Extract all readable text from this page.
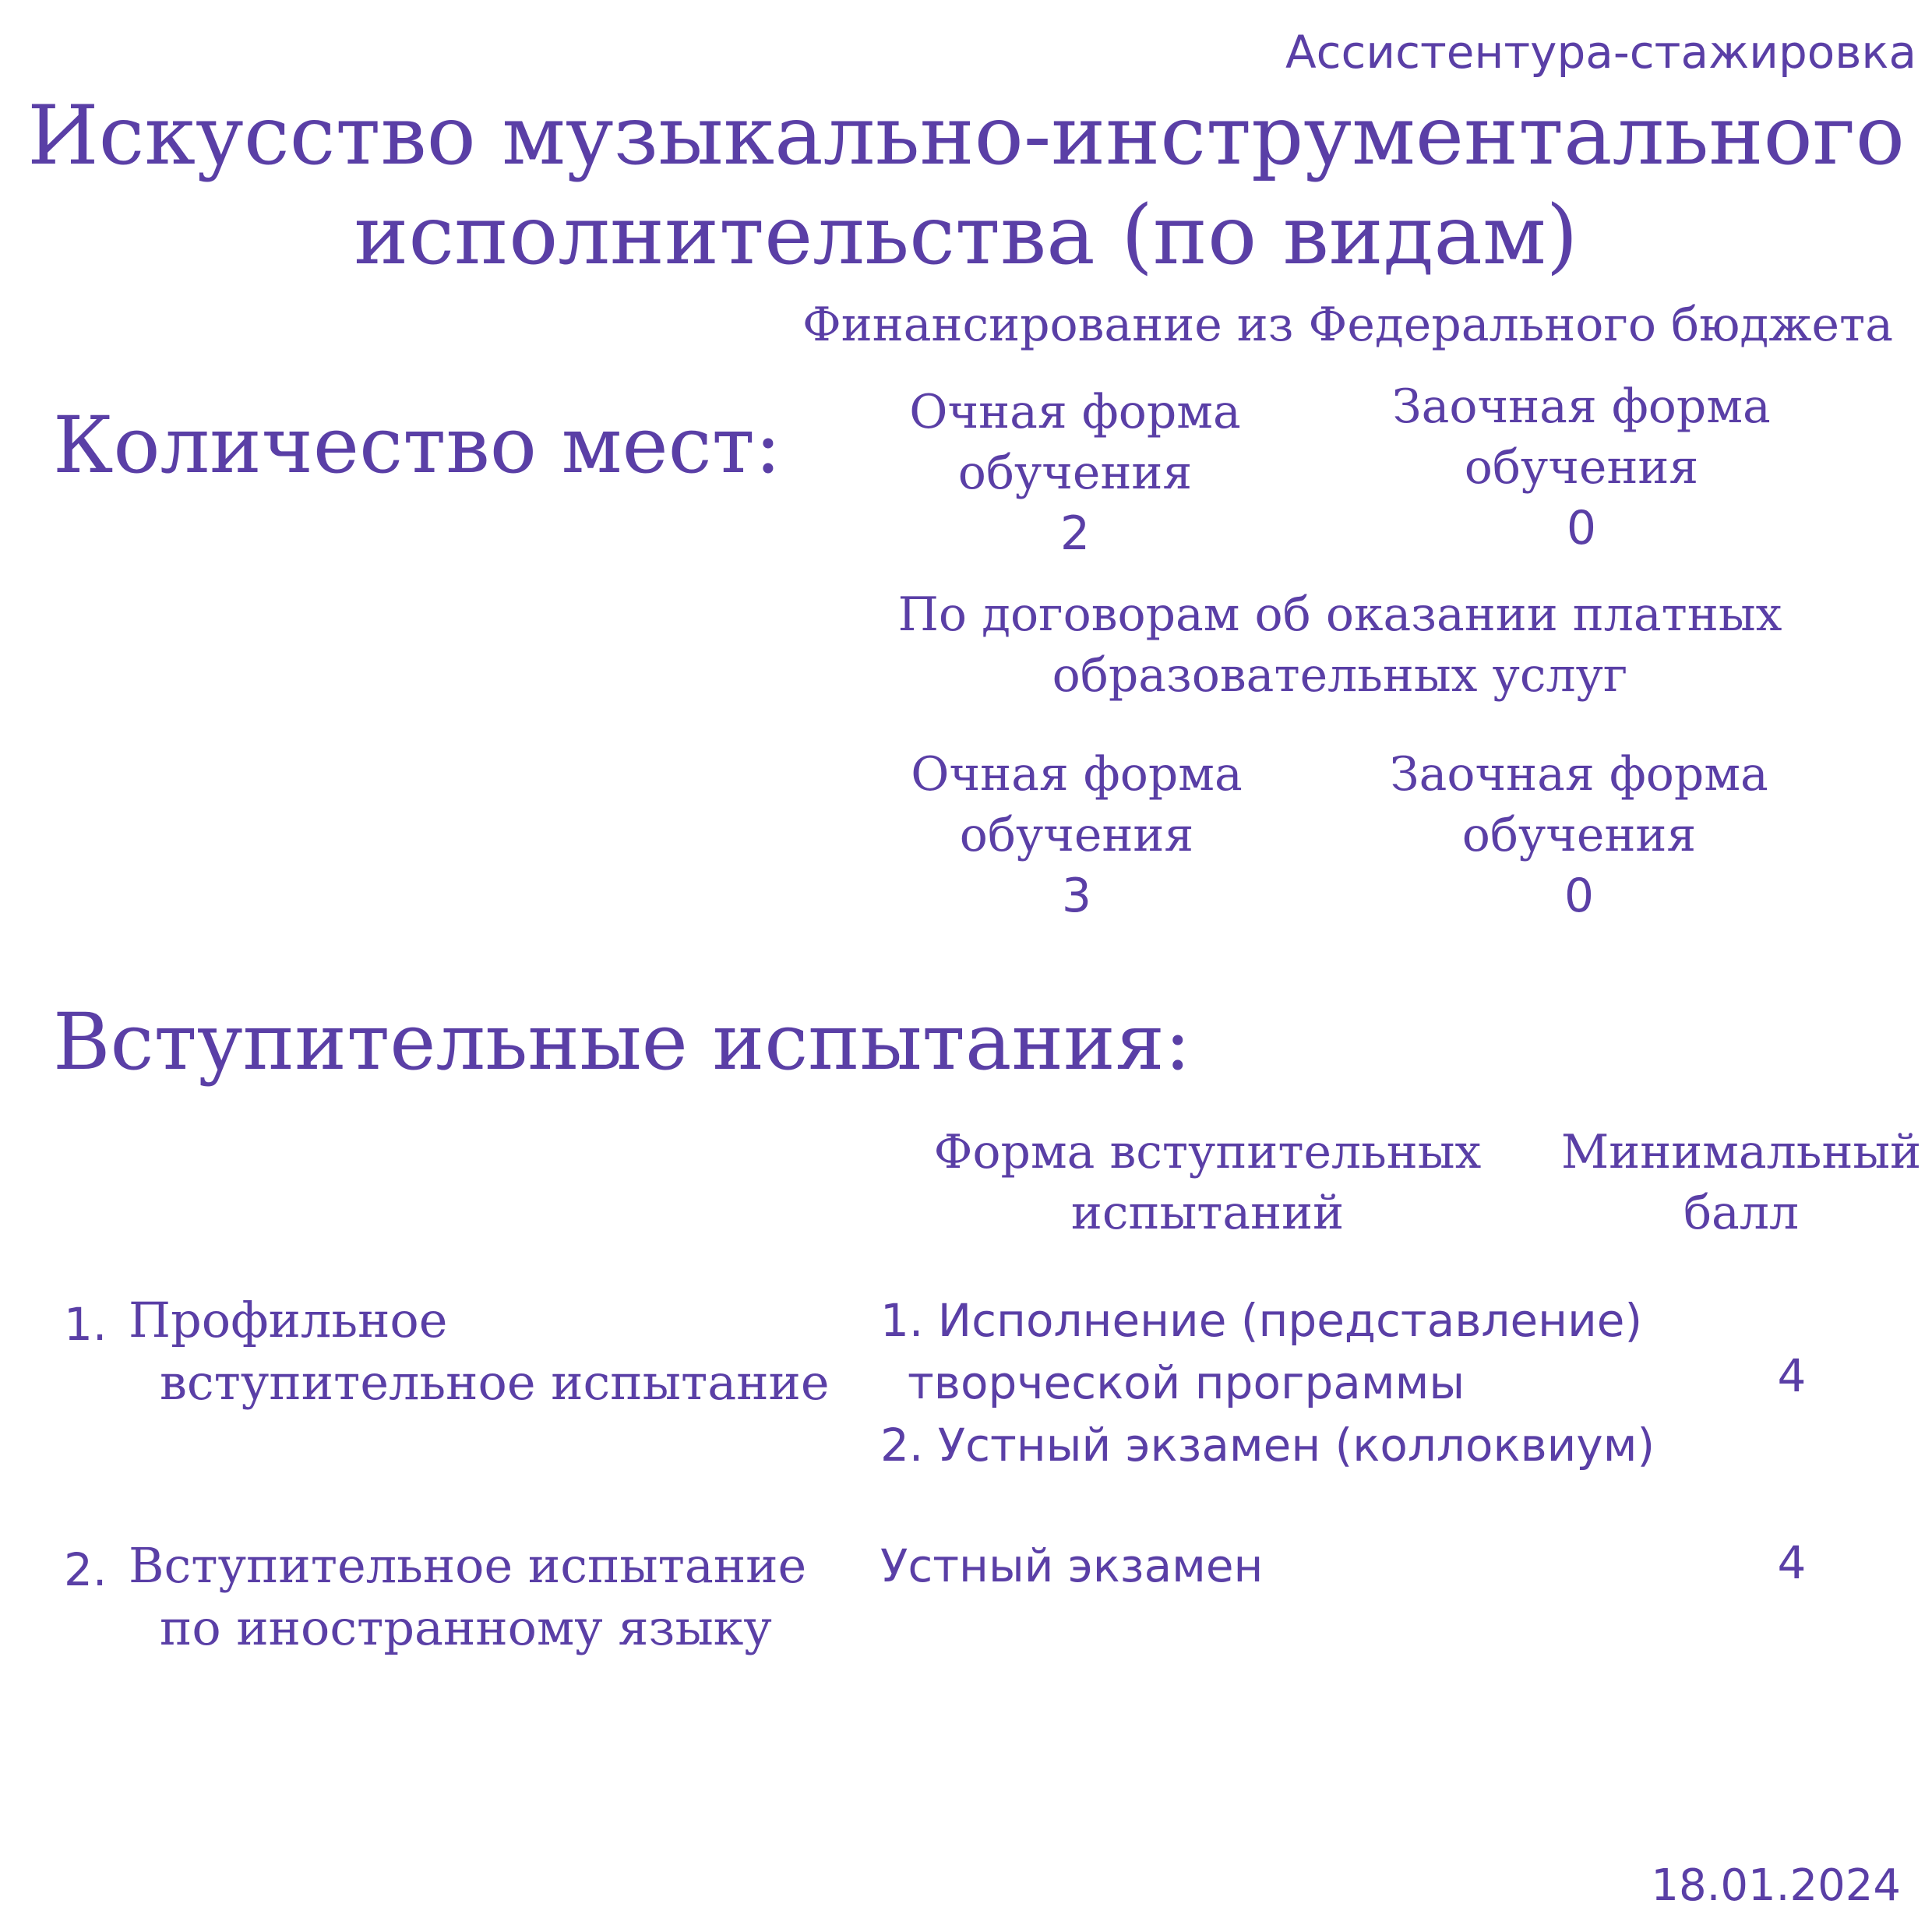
Ассистентура-стажировка
Искусство музыкально-инструментального
исполнительства (по видам)
Количество мест:
Финансирование из Федерального бюджета
Очная форма
обучения
2
Заочная форма
обучения
0
По договорам об оказании платных
образовательных услуг
Очная форма
обучения
3
Заочная форма
обучения
0
Вступительные испытания:
Форма вступительных
испытаний
Минимальный
балл
1. Профильное
вступительное испытание
1. Исполнение (представление)
творческой программы
2. Устный экзамен (коллоквиум)
4
2. Вступительное испытание
по иностранному языку
Устный экзамен	4
18.01.2024
